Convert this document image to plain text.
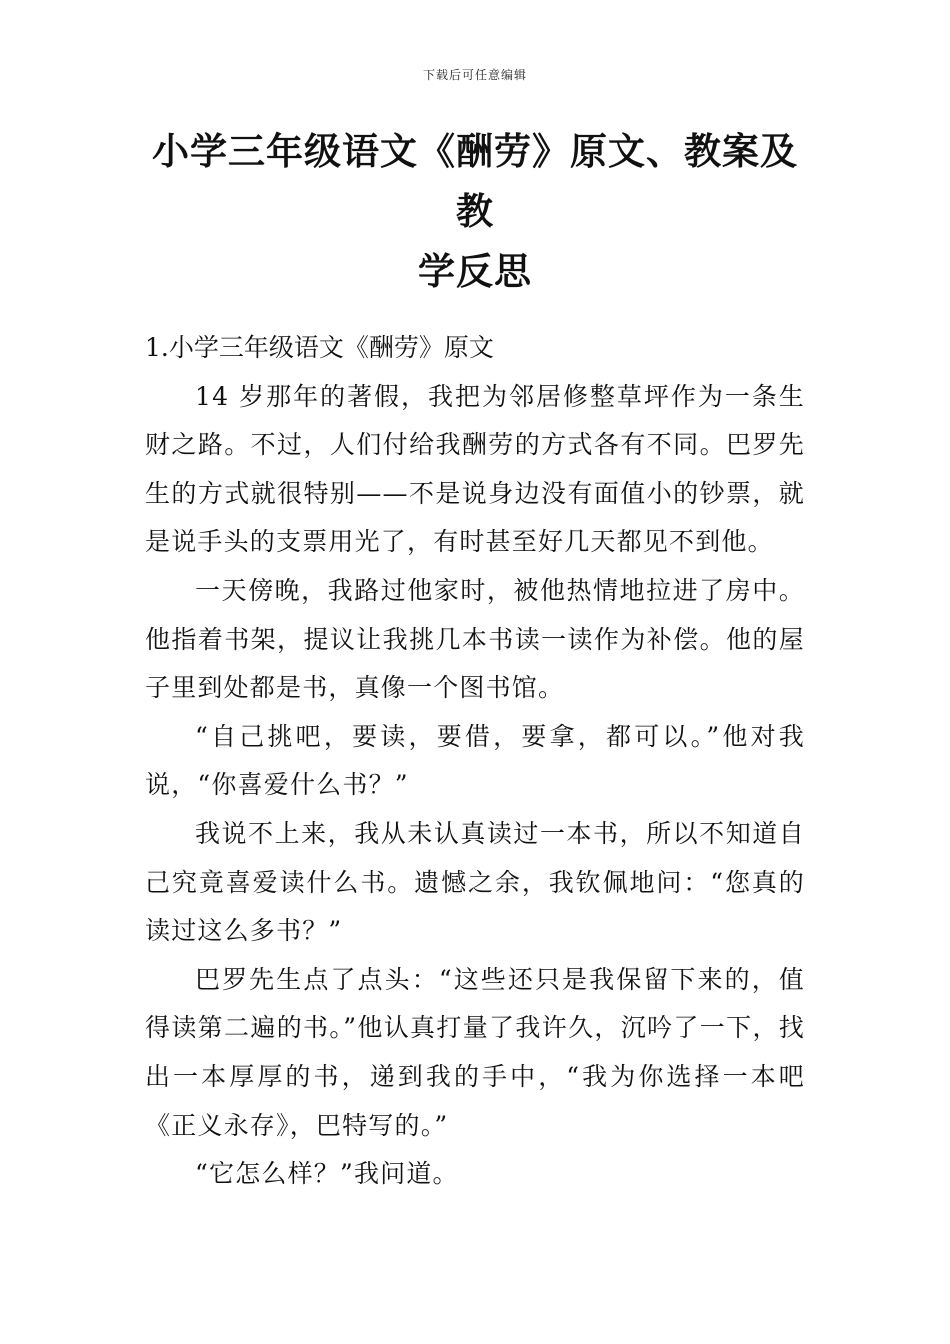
下载后可任意编辑
小学三年级语文《酬劳》原文、教案及教
学反思
1.小学三年级语文《酬劳》原文

14 岁那年的著假，我把为邻居修整草坪作为一条生财之路。不过，人们付给我酬劳的方式各有不同。巴罗先生的方式就很特别——不是说身边没有面值小的钞票，就是说手头的支票用光了，有时甚至好几天都见不到他。

一天傍晚，我路过他家时，被他热情地拉进了房中。他指着书架，提议让我挑几本书读一读作为补偿。他的屋子里到处都是书，真像一个图书馆。

“自己挑吧，要读，要借，要拿，都可以。”他对我说，“你喜爱什么书？”

我说不上来，我从未认真读过一本书，所以不知道自己究竟喜爱读什么书。遗憾之余，我钦佩地问：“您真的读过这么多书？”

巴罗先生点了点头：“这些还只是我保留下来的，值得读第二遍的书。”他认真打量了我许久，沉吟了一下，找出一本厚厚的书，递到我的手中，“我为你选择一本吧《正义永存》，巴特写的。”

“它怎么样？”我问道。
